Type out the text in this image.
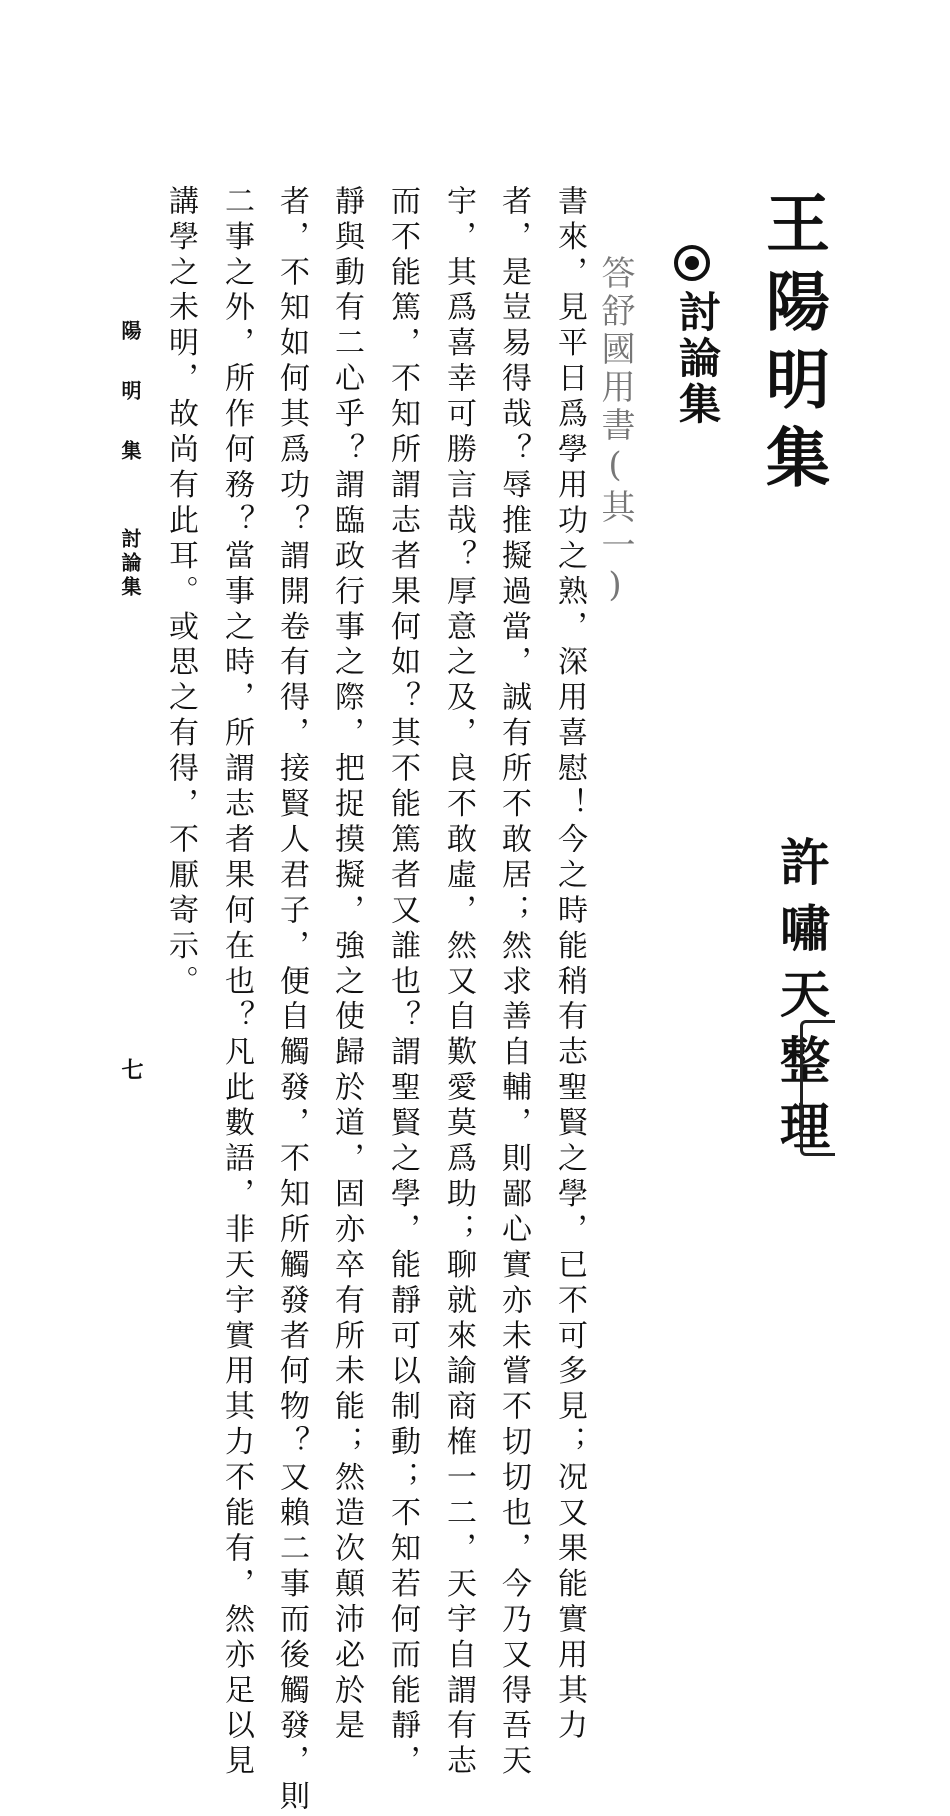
王陽明集
討論集
許嘯天整理
答舒國用書(其一)
書來，見平日爲學用功之熟，深用喜慰！今之時能稍有志聖賢之學，已不可多見；况又果能實用其力
者，是豈易得哉？辱推擬過當，誠有所不敢居；然求善自輔，則鄙心實亦未嘗不切切也，今乃又得吾天
宇，其爲喜幸可勝言哉？厚意之及，良不敢虛，然又自歎愛莫爲助；聊就來諭商榷一二，天宇自謂有志
而不能篤，不知所謂志者果何如？其不能篤者又誰也？謂聖賢之學，能靜可以制動；不知若何而能靜，
靜與動有二心乎？謂臨政行事之際，把捉摸擬，強之使歸於道，固亦卒有所未能；然造次顛沛必於是
者，不知如何其爲功？謂開卷有得，接賢人君子，便自觸發，不知所觸發者何物？又賴二事而後觸發，則
二事之外，所作何務？當事之時，所謂志者果何在也？凡此數語，非天宇實用其力不能有，然亦足以見
講學之未明，故尚有此耳。或思之有得，不厭寄示。
陽明集
討論集
七
